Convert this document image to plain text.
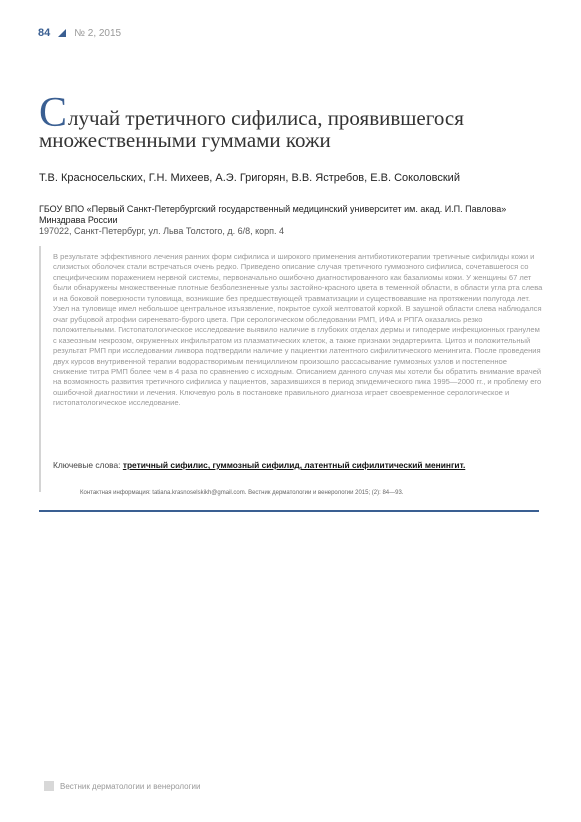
84 № 2, 2015
Случай третичного сифилиса, проявившегося
множественными гуммами кожи
Т.В. Красносельских, Г.Н. Михеев, А.Э. Григорян, В.В. Ястребов, Е.В. Соколовский
ГБОУ ВПО «Первый Санкт-Петербургский государственный медицинский университет им. акад. И.П. Павлова»
Минздрава России
197022, Санкт-Петербург, ул. Льва Толстого, д. 6/8, корп. 4
В результате эффективного лечения ранних форм сифилиса и широкого применения антибиотикотерапии третичные сифилиды кожи и слизистых оболочек стали встречаться очень редко. Приведено описание случая третичного гуммозного сифилиса, сочетавшегося со специфическим поражением нервной системы, первоначально ошибочно диагностированного как базалиомы кожи. У женщины 67 лет были обнаружены множественные плотные безболезненные узлы застойно-красного цвета в теменной области, в области угла рта слева и на боковой поверхности туловища, возникшие без предшествующей травматизации и существовавшие на протяжении полугода лет. Узел на туловище имел небольшое центральное изъязвление, покрытое сухой желтоватой коркой. В заушной области слева наблюдался очаг рубцовой атрофии сиреневато-бурого цвета. При серологическом обследовании РМП, ИФА и РПГА оказались резко положительными. Гистопатологическое исследование выявило наличие в глубоких отделах дермы и гиподерме инфекционных гранулем с казеозным некрозом, окруженных инфильтратом из плазматических клеток, а также признаки эндартериита. Цитоз и положительный результат РМП при исследовании ликвора подтвердили наличие у пациентки латентного сифилитического менингита. После проведения двух курсов внутривенной терапии водорастворимым пенициллином произошло рассасывание гуммозных узлов и постепенное снижение титра РМП более чем в 4 раза по сравнению с исходным. Описанием данного случая мы хотели бы обратить внимание врачей на возможность развития третичного сифилиса у пациентов, заразившихся в период эпидемического пика 1995—2000 гг., и проблему его ошибочной диагностики и лечения. Ключевую роль в постановке правильного диагноза играет своевременное серологическое и гистопатологическое исследование.
Ключевые слова: третичный сифилис, гуммозный сифилид, латентный сифилитический менингит.
Контактная информация: tatiana.krasnoselskikh@gmail.com. Вестник дерматологии и венерологии 2015; (2): 84—93.
Вестник дерматологии и венерологии
